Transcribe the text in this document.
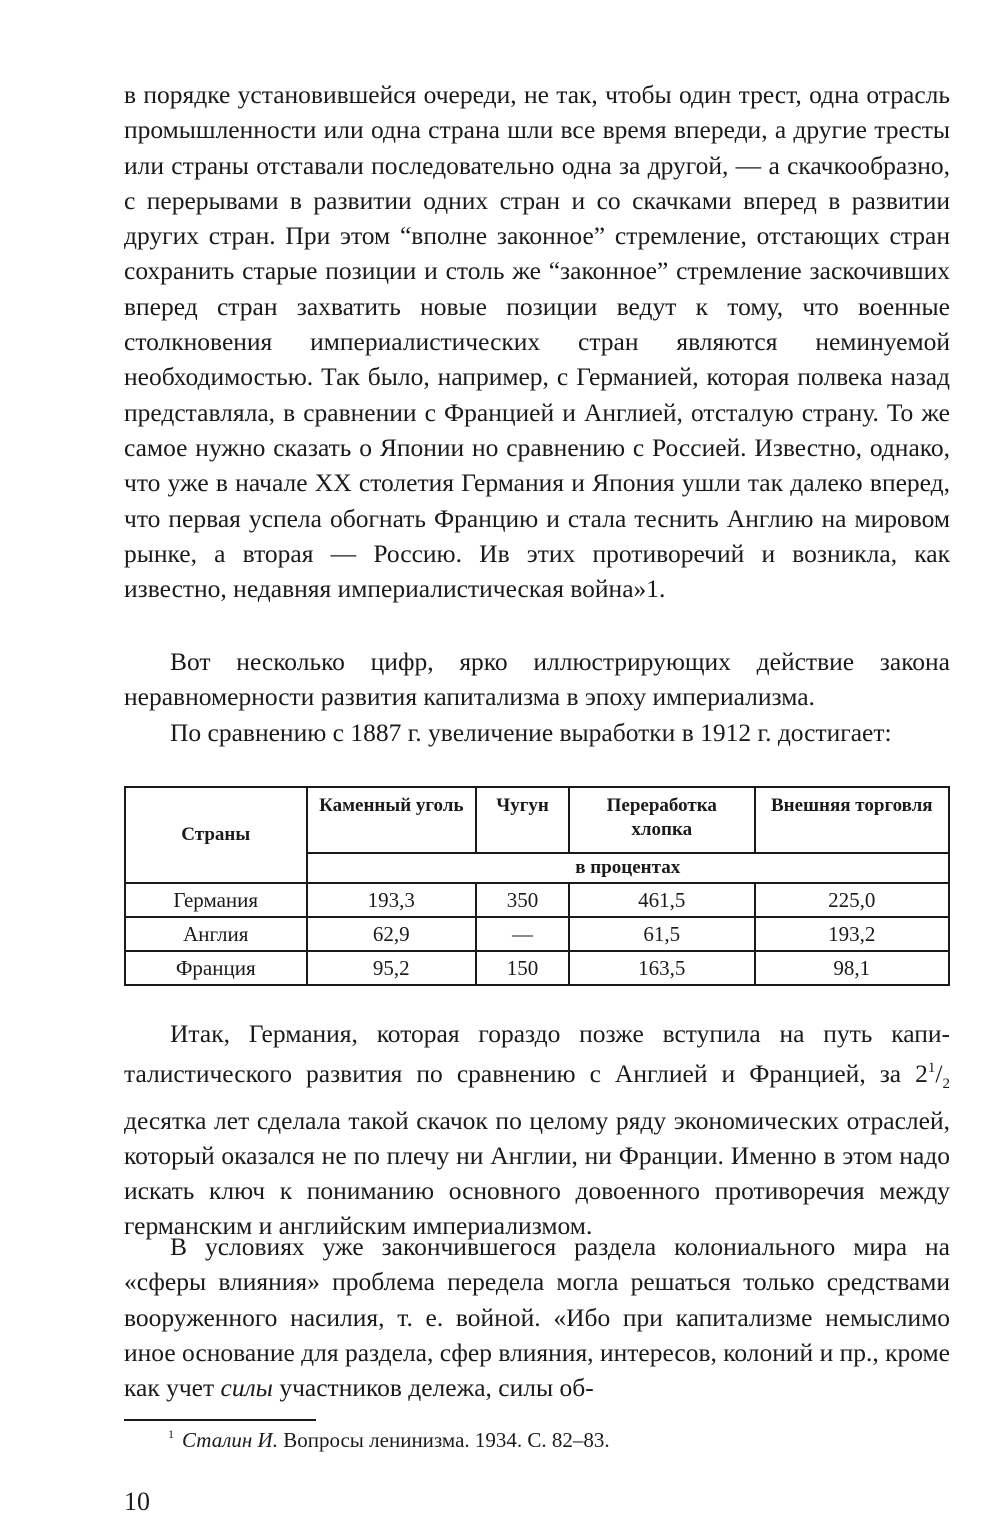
в порядке установившейся очереди, не так, чтобы один трест, одна отрасль промышленности или одна страна шли все время впереди, а другие тресты или страны отставали последовательно одна за другой, — а скачкообразно, с перерывами в развитии одних стран и со скачками вперед в развитии других стран. При этом “вполне законное” стремление, отстающих стран сохранить старые позиции и столь же “законное” стремление заскочивших вперед стран захватить новые позиции ведут к тому, что военные столкновения империалистических стран являются неминуемой необходимостью. Так было, например, с Германией, которая полвека назад представляла, в сравнении с Францией и Англией, отсталую страну. То же самое нужно сказать о Японии но сравнению с Россией. Известно, однако, что уже в начале XX столетия Германия и Япония ушли так далеко вперед, что первая успела обогнать Францию и стала теснить Англию на мировом рынке, а вторая — Россию. Ив этих противоречий и возникла, как известно, недавняя империалистическая война»1.

Вот несколько цифр, ярко иллюстрирующих действие закона неравномерности развития капитализма в эпоху империализма.

По сравнению с 1887 г. увеличение выработки в 1912 г. достигает:

Страны	Каменный уголь	Чугун	Переработка хлопка	Внешняя торговля
	в процентах			
Германия	193,3	350	461,5	225,0
Англия	62,9	—	61,5	193,2
Франция	95,2	150	163,5	98,1

Итак, Германия, которая гораздо позже вступила на путь капиталистического развития по сравнению с Англией и Францией, за $2^1/_2$ десятка лет сделала такой скачок по целому ряду экономических отраслей, который оказался не по плечу ни Англии, ни Франции. Именно в этом надо искать ключ к пониманию основного довоенного противоречия между германским и английским империализмом.

В условиях уже закончившегося раздела колониального мира на «сферы влияния» проблема передела могла решаться только средствами вооруженного насилия, т. е. войной. «Ибо при капитализме немыслимо иное основание для раздела, сфер влияния, интересов, колоний и пр., кроме как учет силы участников дележа, силы об-

$^1$ Сталин И. Вопросы ленинизма. 1934. С. 82–83.

10
